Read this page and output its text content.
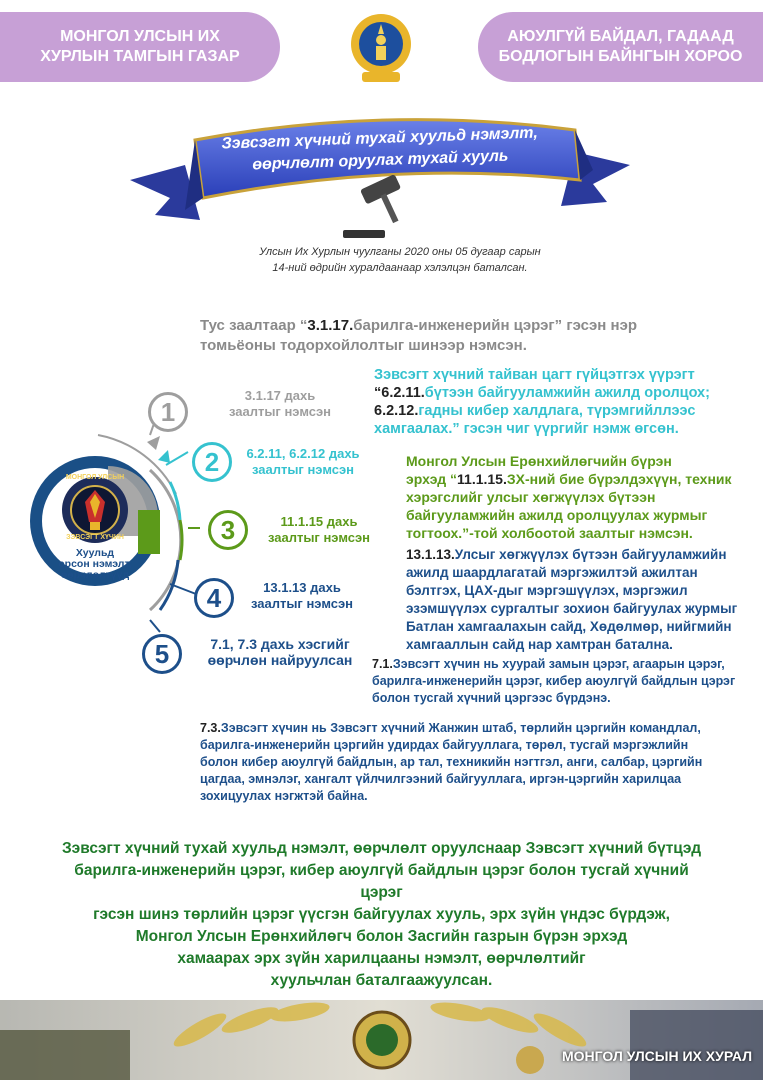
МОНГОЛ УЛСЫН ИХ
ХУРЛЫН ТАМГЫН ГАЗАР
АЮУЛГҮЙ БАЙДАЛ, ГАДААД
БОДЛОГЫН БАЙНГЫН ХОРОО
Зэвсэгт хүчний тухай хуульд нэмэлт,
өөрчлөлт оруулах тухай хууль
Улсын Их Хурлын чуулганы 2020 оны 05 дугаар сарын
14-ний өдрийн хуралдаанаар хэлэлцэн баталсан.
Тус заалтаар “3.1.17.барилга-инженерийн цэрэг” гэсэн нэр томьёоны тодорхойлолтыг шинээр нэмсэн.
МОНГОЛ УЛСЫН
ЗЭВСЭГТ ХҮЧИН
Хуульд
орсон нэмэлт,
өөрчлөлтүүд
1
3.1.17 дахь
заалтыг нэмсэн
2	6.2.11, 6.2.12 дахь
заалтыг нэмсэн
3	11.1.15 дахь
заалтыг нэмсэн
4	13.1.13 дахь
заалтыг нэмсэн
5	7.1, 7.3 дахь хэсгийг
өөрчлөн найруулсан
Зэвсэгт хүчний тайван цагт гүйцэтгэх үүрэгт
“6.2.11.бүтээн байгууламжийн ажилд оролцох;
6.2.12.гадны кибер халдлага, түрэмгийллээс
хамгаалах.” гэсэн чиг үүргийг нэмж өгсөн.
Монгол Улсын Ерөнхийлөгчийн бүрэн
эрхэд “11.1.15.ЗХ-ний бие бүрэлдэхүүн, техник
хэрэгслийг улсыг хөгжүүлэх бүтээн
байгууламжийн ажилд оролцуулах журмыг
тогтоох.”-той холбоотой заалтыг нэмсэн.
13.1.13.Улсыг хөгжүүлэх бүтээн байгууламжийн
ажилд шаардлагатай мэргэжилтэй ажилтан
бэлтгэх, ЦАХ-дыг мэргэшүүлэх, мэргэжил
эзэмшүүлэх сургалтыг зохион байгуулах журмыг
Батлан хамгаалахын сайд, Хөдөлмөр, нийгмийн
хамгааллын сайд нар хамтран батална.
7.1.Зэвсэгт хүчин нь хуурай замын цэрэг, агаарын цэрэг,
барилга-инженерийн цэрэг, кибер аюулгүй байдлын цэрэг
болон тусгай хүчний цэргээс бүрдэнэ.
7.3.Зэвсэгт хүчин нь Зэвсэгт хүчний Жанжин штаб, төрлийн цэргийн командлал,
барилга-инженерийн цэргийн удирдах байгууллага, төрөл, тусгай мэргэжлийн
болон кибер аюулгүй байдлын, ар тал, техникийн нэгтгэл, анги, салбар, цэргийн
цагдаа, эмнэлэг, хангалт үйлчилгээний байгууллага, иргэн-цэргийн харилцаа
зохицуулах нэгжтэй байна.
Зэвсэгт хүчний тухай хуульд нэмэлт, өөрчлөлт оруулснаар Зэвсэгт хүчний бүтцэд
барилга-инженерийн цэрэг, кибер аюулгүй байдлын цэрэг болон тусгай хүчний цэрэг
гэсэн шинэ төрлийн цэрэг үүсгэн байгуулах хууль, эрх зүйн үндэс бүрдэж,
Монгол Улсын Ерөнхийлөгч болон Засгийн газрын бүрэн эрхэд
хамаарах эрх зүйн харилцааны нэмэлт, өөрчлөлтийг
хуульчлан баталгаажуулсан.
МОНГОЛ УЛСЫН ИХ ХУРАЛ
